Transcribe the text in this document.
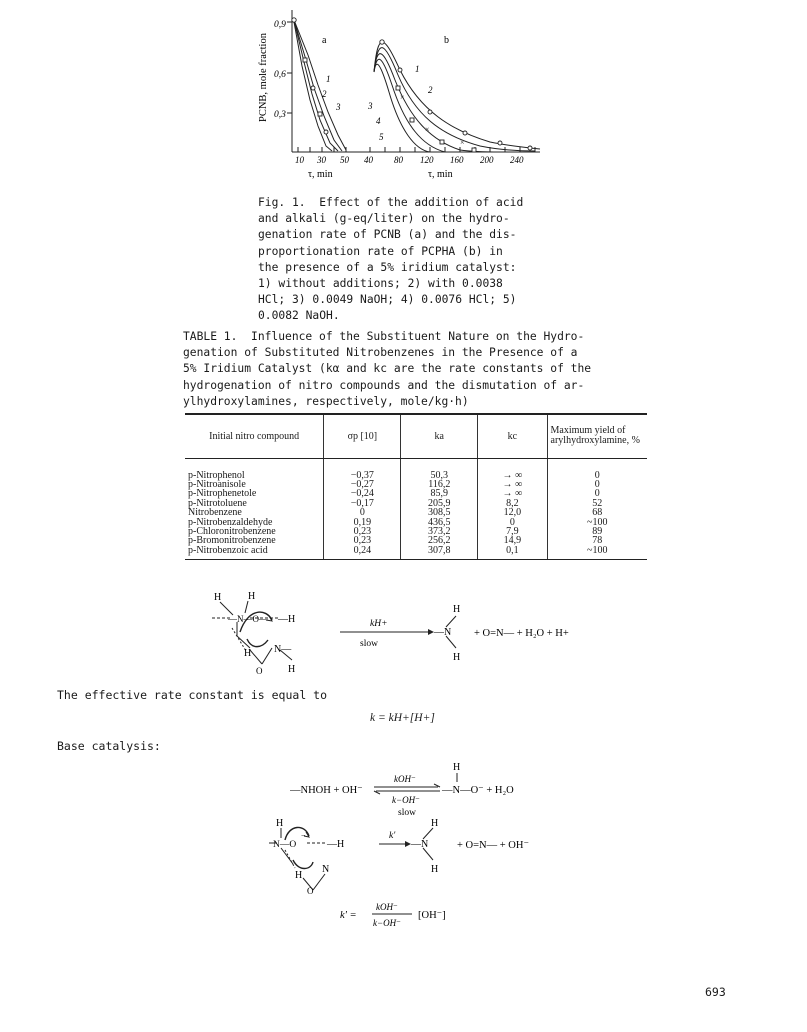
PCNB, mole fraction
0,9
0,6
0,3
a
1
2
3
×
×
×
b
1
2
3
4
5
10 30 50 40 80 120 160 200 240
τ, min	τ, min
Fig. 1.  Effect of the addition of acid
and alkali (g-eq/liter) on the hydro-
genation rate of PCNB (a) and the dis-
proportionation rate of PCPHA (b) in
the presence of a 5% iridium catalyst:
1) without additions; 2) with 0.0038
HCl; 3) 0.0049 NaOH; 4) 0.0076 HCl; 5)
0.0082 NaOH.
TABLE 1.  Influence of the Substituent Nature on the Hydro-
genation of Substituted Nitrobenzenes in the Presence of a
5% Iridium Catalyst (kα and kc are the rate constants of the
hydrogenation of nitro compounds and the dismutation of ar-
ylhydroxylamines, respectively, mole/kg·h)
Initial nitro compound	σp [10]	ka	kc	Maximum yield of arylhydroxylamine, %
p-Nitrophenol	−0,37	50,3	→ ∞	0
p-Nitroanisole	−0,27	116,2	→ ∞	0
p-Nitrophenetole	−0,24	85,9	→ ∞	0
p-Nitrotoluene	−0,17	205,9	8,2	52
Nitrobenzene	0	308,5	12,0	68
p-Nitrobenzaldehyde	0,19	436,5	0	~100
p-Chloronitrobenzene	0,23	373,2	7,9	89
p-Bromonitrobenzene	0,23	256,2	14,9	78
p-Nitrobenzoic acid	0,24	307,8	0,1	~100
H	H
—N—O— —H
H N—
O	H
kH+
slow
—N
H
H
+ O=N— + H₂O + H+
The effective rate constant is equal to
k = kH+[H+]
Base catalysis:
—NHOH + OH⁻
kOH⁻
k−OH⁻
slow
H
—N—O⁻ + H₂O
H
N—O
−
—H
H
N
O
k'
—N
H
H
+ O=N— + OH⁻
k' =
kOH⁻
k−OH⁻
[OH⁻]
693
